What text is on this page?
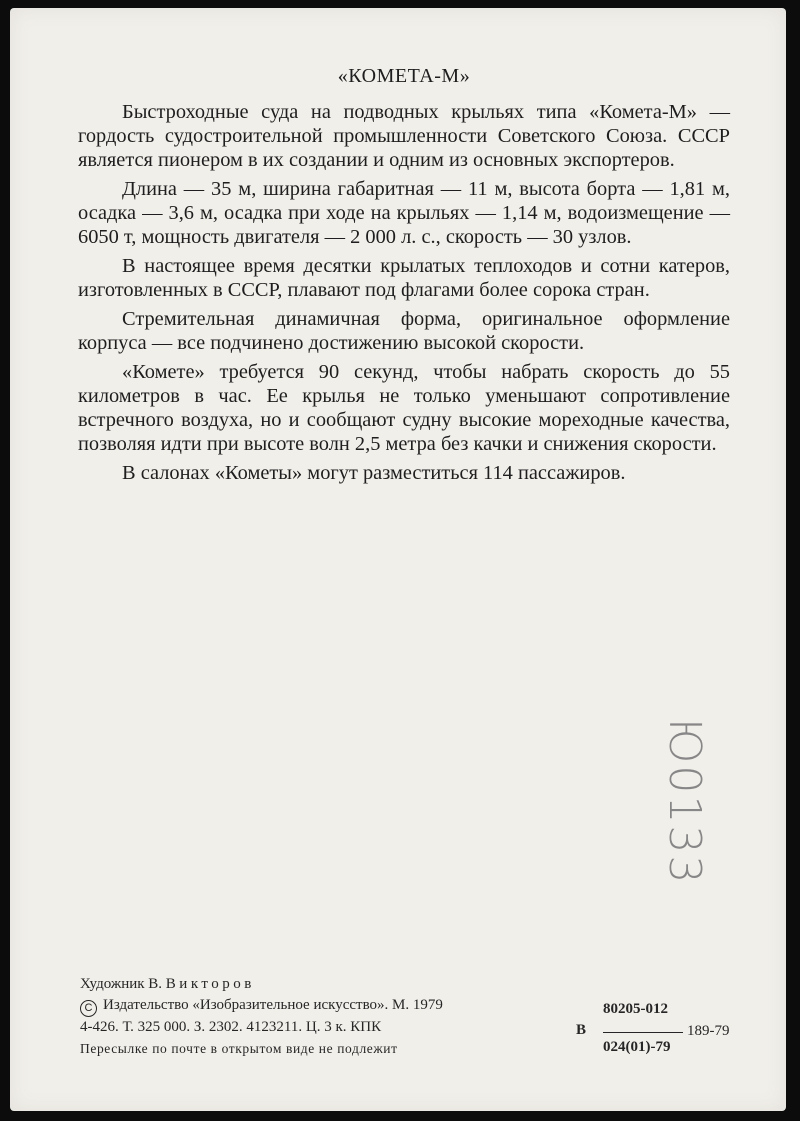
«КОМЕТА-М»

Быстроходные суда на подводных крыльях типа «Комета-М» — гордость судостроительной промышленности Советского Союза. СССР является пионером в их создании и одним из основных экспортеров.

Длина — 35 м, ширина габаритная — 11 м, высота борта — 1,81 м, осадка — 3,6 м, осадка при ходе на крыльях — 1,14 м, водоизмещение — 6050 т, мощность двигателя — 2 000 л. с., скорость — 30 узлов.

В настоящее время десятки крылатых теплоходов и сотни катеров, изготовленных в СССР, плавают под флагами более сорока стран.

Стремительная динамичная форма, оригинальное оформление корпуса — все подчинено достижению высокой скорости.

«Комете» требуется 90 секунд, чтобы набрать скорость до 55 километров в час. Ее крылья не только уменьшают сопротивление встречного воздуха, но и сообщают судну высокие мореходные качества, позволяя идти при высоте волн 2,5 метра без качки и снижения скорости.

В салонах «Кометы» могут разместиться 114 пассажиров.

Ю0133
Художник В. Викторов
C Издательство «Изобразительное искусство». М. 1979
4-426. Т. 325 000. З. 2302. 4123211. Ц. 3 к. КПК
Пересылке по почте в открытом виде не подлежит
В
80205-012
189-79
024(01)-79
